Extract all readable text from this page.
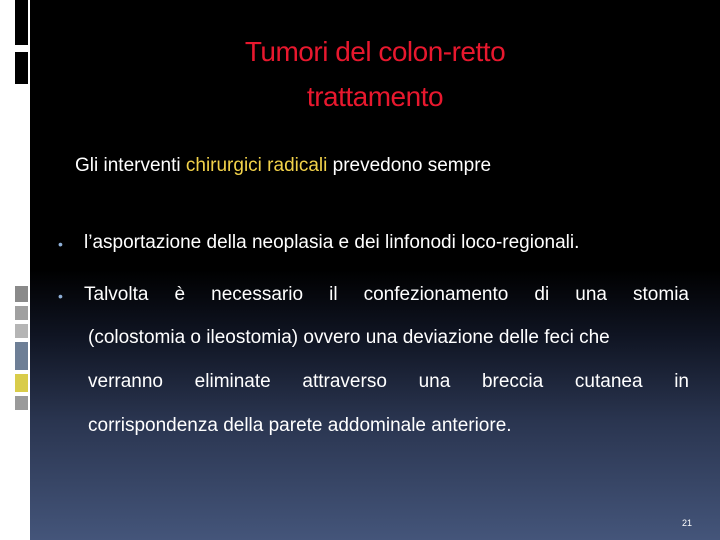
Tumori del colon-retto
trattamento
Gli interventi chirurgici radicali prevedono sempre
• l’asportazione della neoplasia e dei linfonodi loco-regionali.
• Talvolta è necessario il confezionamento di una stomia
(colostomia o ileostomia) ovvero una deviazione delle feci che
verranno eliminate attraverso una breccia cutanea in
corrispondenza della parete addominale anteriore.
21
